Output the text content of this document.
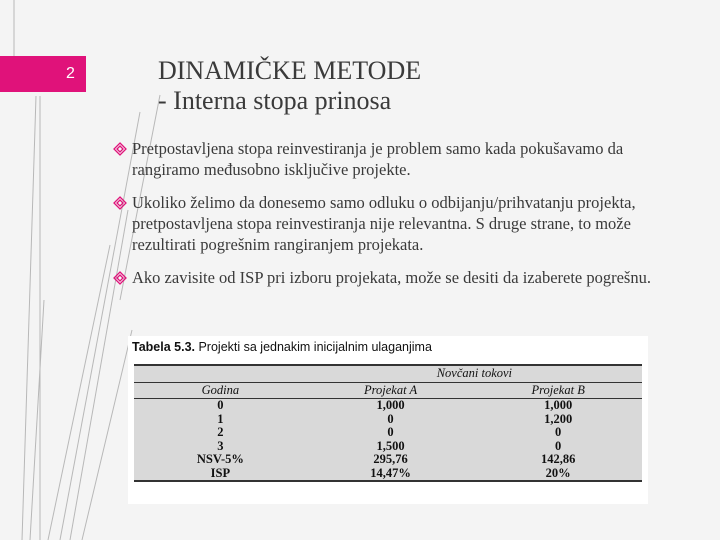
2	DINAMIČKE METODE
- Interna stopa prinosa
Pretpostavljena stopa reinvestiranja je problem samo kada pokušavamo da rangiramo međusobno isključive projekte.
Ukoliko želimo da donesemo samo odluku o odbijanju/prihvatanju projekta, pretpostavljena stopa reinvestiranja nije relevantna. S druge strane, to može rezultirati pogrešnim rangiranjem projekata.
Ako zavisite od ISP pri izboru projekata, može se desiti da izaberete pogrešnu.
Tabela 5.3. Projekti sa jednakim inicijalnim ulaganjima
	Novčani tokovi	
Godina	Projekat A	Projekat B
0	1,000	1,000
1	0	1,200
2	0	0
3	1,500	0
NSV-5%	295,76	142,86
ISP	14,47%	20%
